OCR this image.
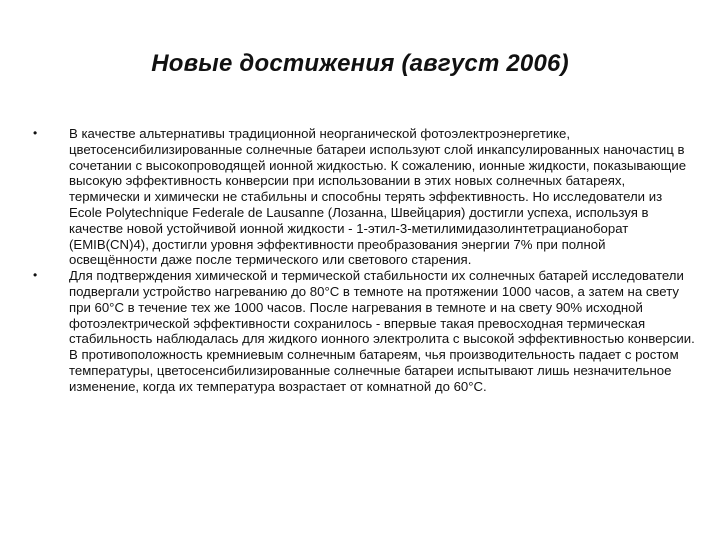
Новые достижения (август 2006)
• В качестве альтернативы традиционной неорганической фотоэлектроэнергетике, цветосенсибилизированные солнечные батареи используют слой инкапсулированных наночастиц в сочетании с высокопроводящей ионной жидкостью. К сожалению, ионные жидкости, показывающие высокую эффективность конверсии при использовании в этих новых солнечных батареях, термически и химически не стабильны и способны терять эффективность. Но исследователи из Ecole Polytechnique Federale de Lausanne (Лозанна, Швейцария) достигли успеха, используя в качестве новой устойчивой ионной жидкости - 1-этил-3-метилимидазолинтетрацианоборат (EMIB(CN)4), достигли уровня эффективности преобразования энергии 7% при полной освещённости даже после термического или светового старения.
• Для подтверждения химической и термической стабильности их солнечных батарей исследователи подвергали устройство нагреванию до 80°C в темноте на протяжении 1000 часов, а затем на свету при 60°C в течение тех же 1000 часов. После нагревания в темноте и на свету 90% исходной фотоэлектрической эффективности сохранилось - впервые такая превосходная термическая стабильность наблюдалась для жидкого ионного электролита с высокой эффективностью конверсии. В противоположность кремниевым солнечным батареям, чья производительность падает с ростом температуры, цветосенсибилизированные солнечные батареи испытывают лишь незначительное изменение, когда их температура возрастает от комнатной до 60°C.
